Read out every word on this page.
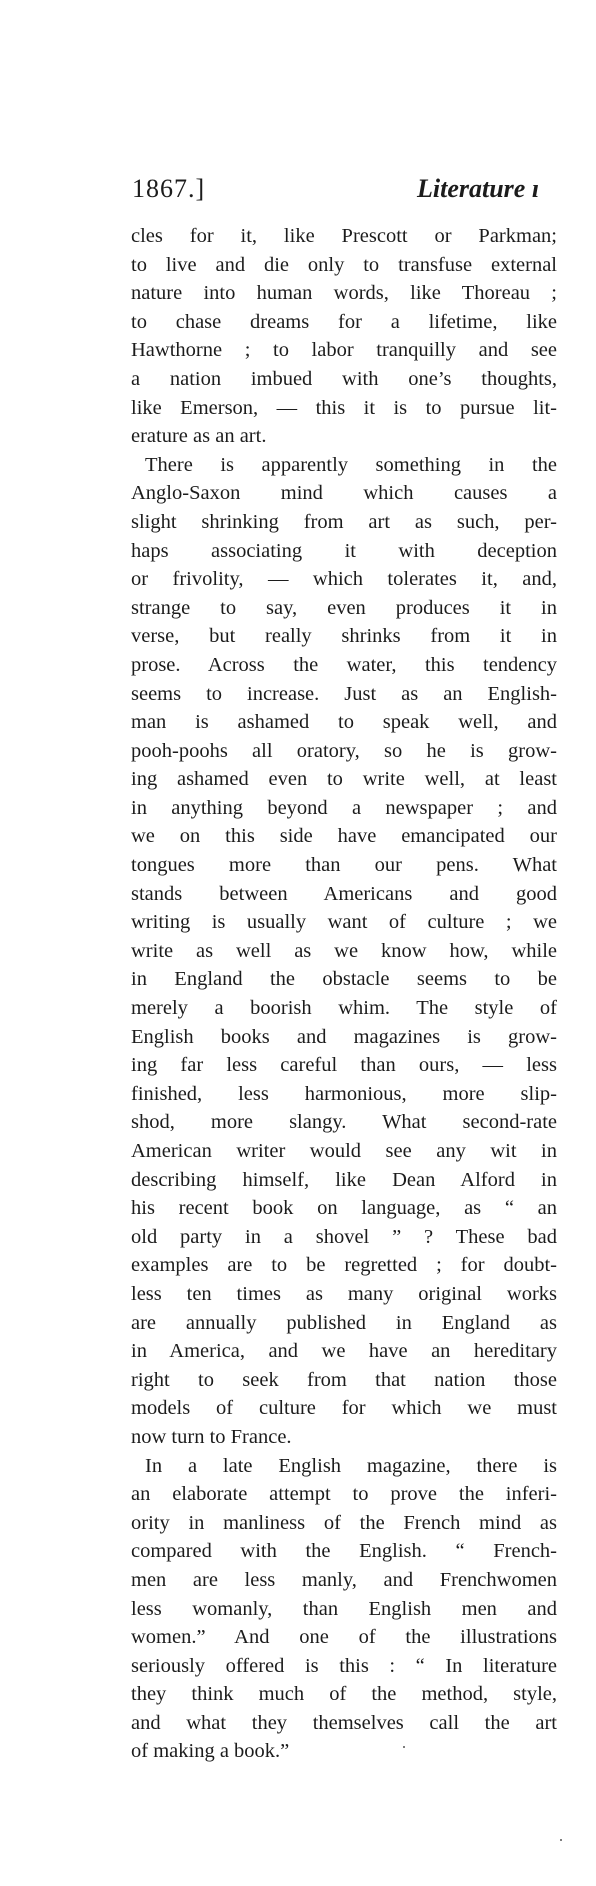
1867.]	Literature ı
cles for it, like Prescott or Parkman;
to live and die only to transfuse external
nature into human words, like Thoreau ;
to chase dreams for a lifetime, like
Hawthorne ; to labor tranquilly and see
a nation imbued with one’s thoughts,
like Emerson, — this it is to pursue lit-
erature as an art.
There is apparently something in the
Anglo-Saxon mind which causes a
slight shrinking from art as such, per-
haps associating it with deception
or frivolity, — which tolerates it, and,
strange to say, even produces it in
verse, but really shrinks from it in
prose. Across the water, this tendency
seems to increase. Just as an English-
man is ashamed to speak well, and
pooh-poohs all oratory, so he is grow-
ing ashamed even to write well, at least
in anything beyond a newspaper ; and
we on this side have emancipated our
tongues more than our pens. What
stands between Americans and good
writing is usually want of culture ; we
write as well as we know how, while
in England the obstacle seems to be
merely a boorish whim. The style of
English books and magazines is grow-
ing far less careful than ours, — less
finished, less harmonious, more slip-
shod, more slangy. What second-rate
American writer would see any wit in
describing himself, like Dean Alford in
his recent book on language, as “ an
old party in a shovel ” ? These bad
examples are to be regretted ; for doubt-
less ten times as many original works
are annually published in England as
in America, and we have an hereditary
right to seek from that nation those
models of culture for which we must
now turn to France.
In a late English magazine, there is
an elaborate attempt to prove the inferi-
ority in manliness of the French mind as
compared with the English. “ French-
men are less manly, and Frenchwomen
less womanly, than English men and
women.” And one of the illustrations
seriously offered is this : “ In literature
they think much of the method, style,
and what they themselves call the art
of making a book.”
